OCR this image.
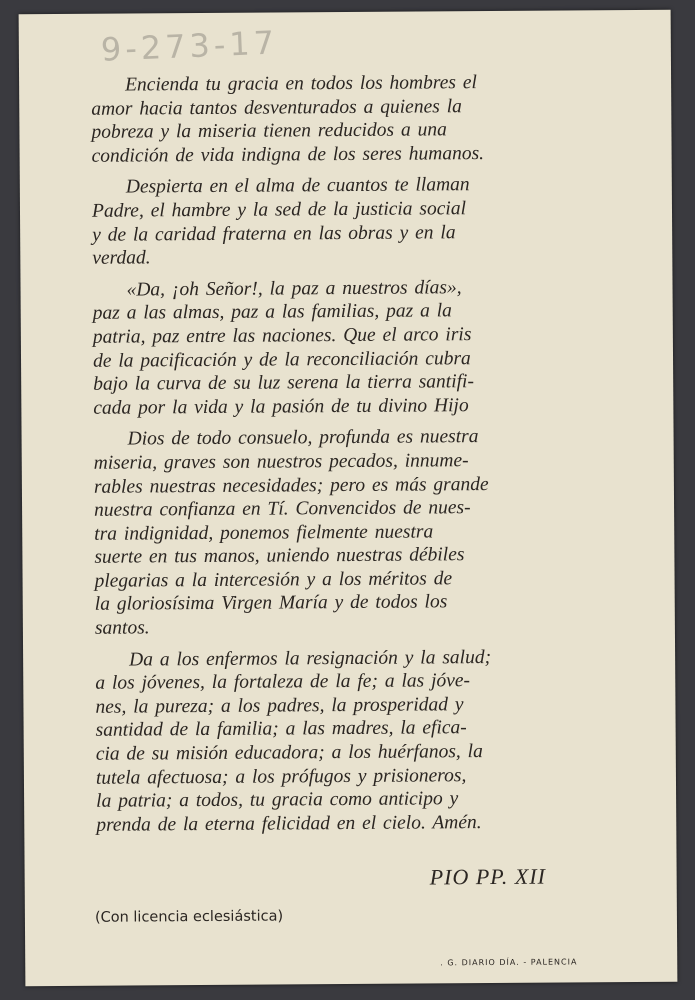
9-273-17

Encienda tu gracia en todos los hombres el
amor hacia tantos desventurados a quienes la
pobreza y la miseria tienen reducidos a una
condición de vida indigna de los seres humanos.

Despierta en el alma de cuantos te llaman
Padre, el hambre y la sed de la justicia social
y de la caridad fraterna en las obras y en la
verdad.

«Da, ¡oh Señor!, la paz a nuestros días»,
paz a las almas, paz a las familias, paz a la
patria, paz entre las naciones. Que el arco iris
de la pacificación y de la reconciliación cubra
bajo la curva de su luz serena la tierra santifi-
cada por la vida y la pasión de tu divino Hijo

Dios de todo consuelo, profunda es nuestra
miseria, graves son nuestros pecados, innume-
rables nuestras necesidades; pero es más grande
nuestra confianza en Tí. Convencidos de nues-
tra indignidad, ponemos fielmente nuestra
suerte en tus manos, uniendo nuestras débiles
plegarias a la intercesión y a los méritos de
la gloriosísima Virgen María y de todos los
santos.

Da a los enfermos la resignación y la salud;
a los jóvenes, la fortaleza de la fe; a las jóve-
nes, la pureza; a los padres, la prosperidad y
santidad de la familia; a las madres, la efica-
cia de su misión educadora; a los huérfanos, la
tutela afectuosa; a los prófugos y prisioneros,
la patria; a todos, tu gracia como anticipo y
prenda de la eterna felicidad en el cielo. Amén.

PIO PP. XII
(Con licencia eclesiástica)
. G. DIARIO DÍA. - PALENCIA
